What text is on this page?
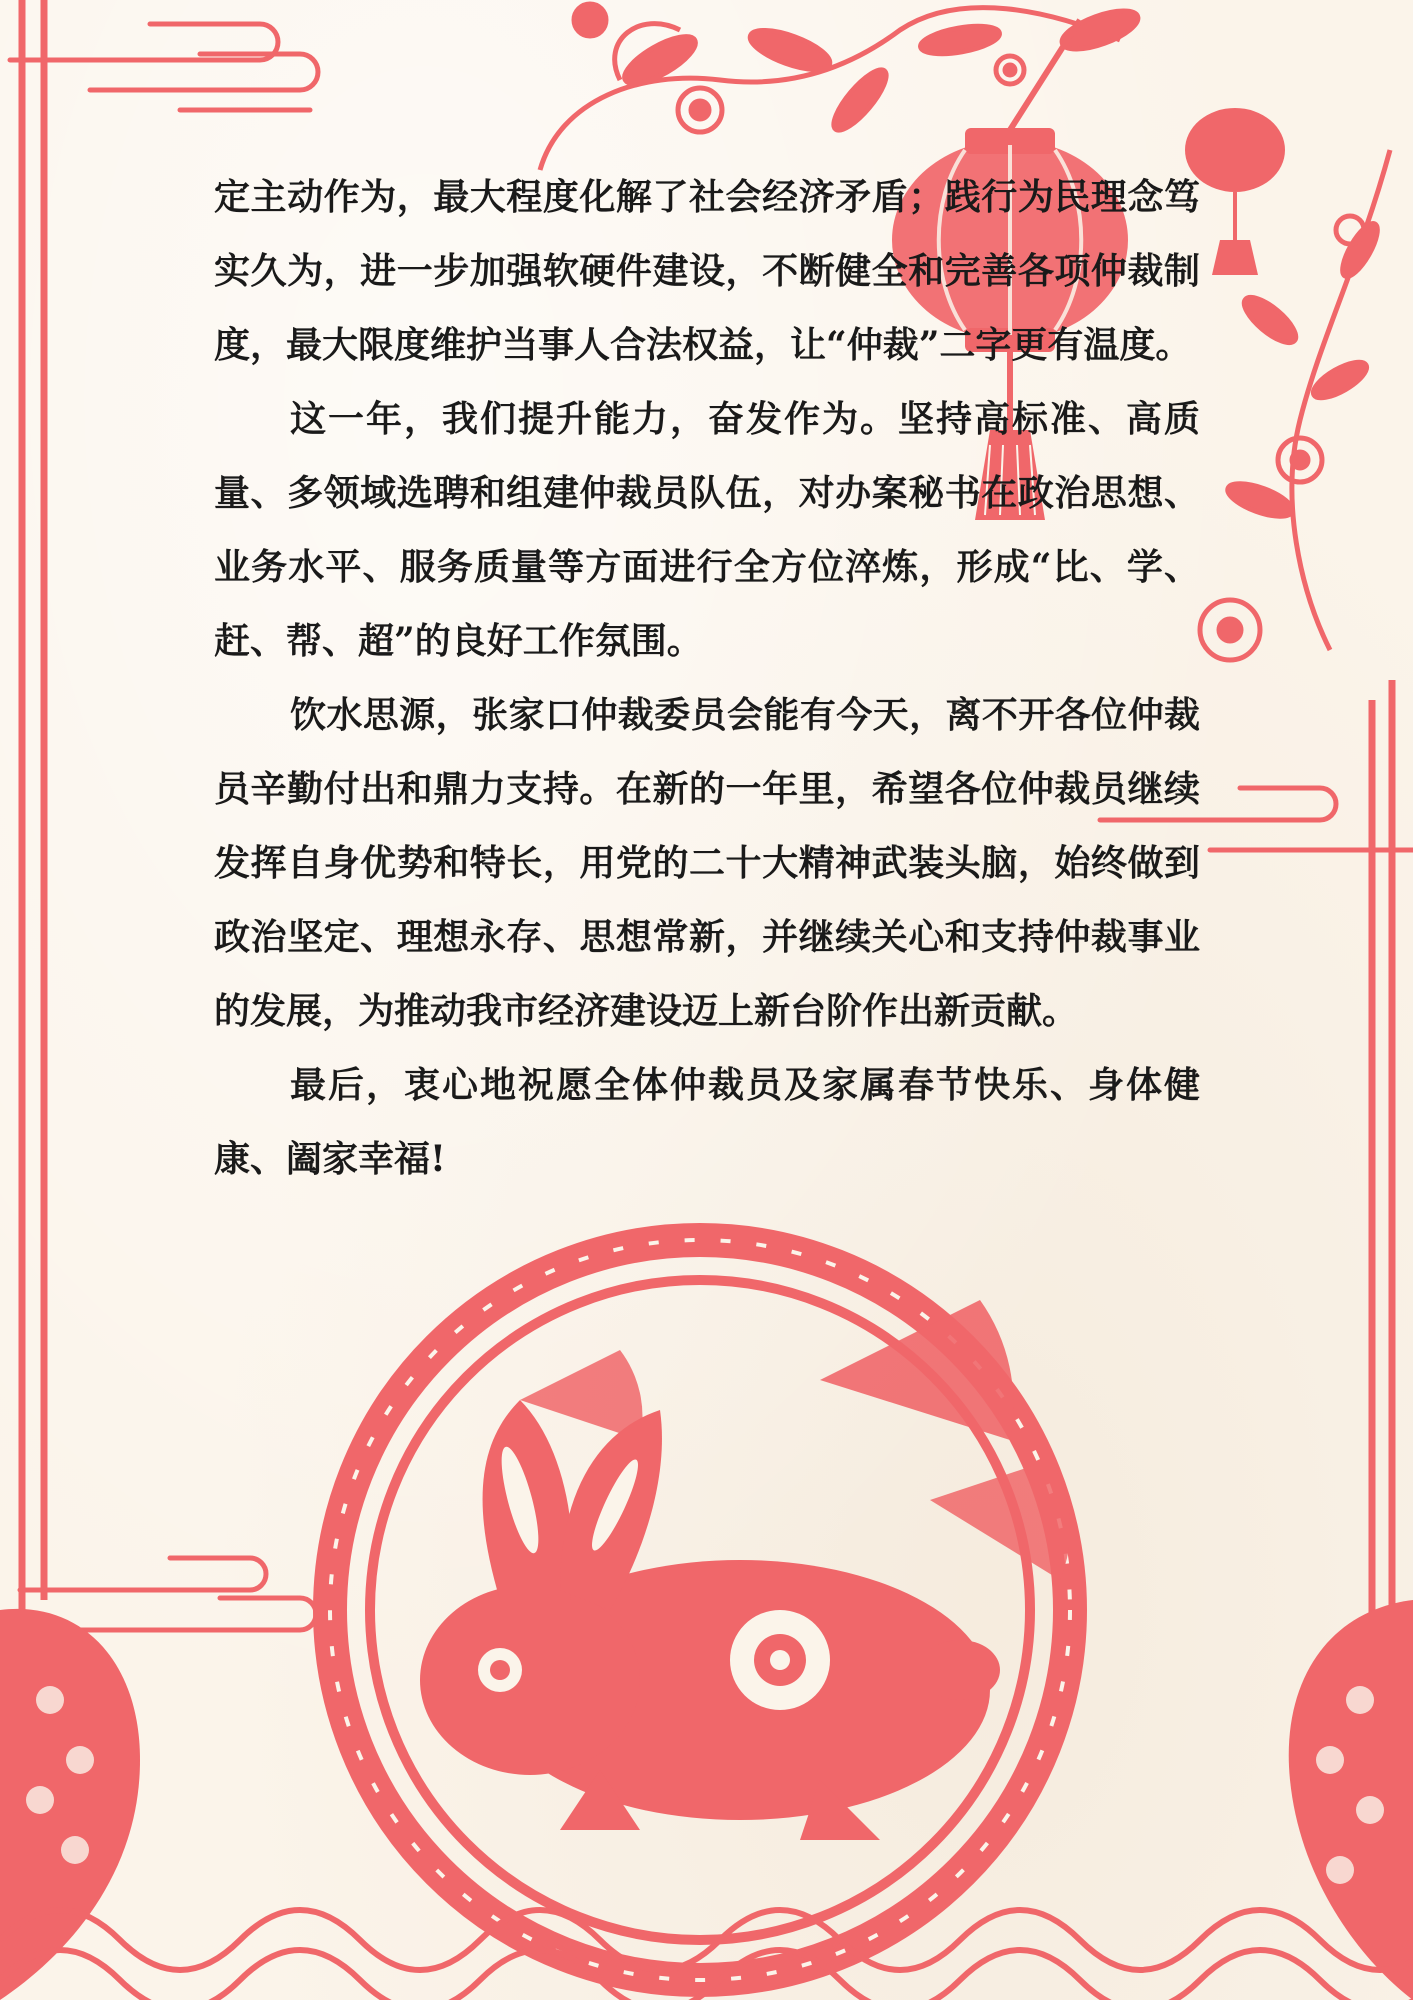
定主动作为，最大程度化解了社会经济矛盾；践行为民理念笃实久为，进一步加强软硬件建设，不断健全和完善各项仲裁制度，最大限度维护当事人合法权益，让“仲裁”二字更有温度。

这一年，我们提升能力，奋发作为。坚持高标准、高质量、多领域选聘和组建仲裁员队伍，对办案秘书在政治思想、业务水平、服务质量等方面进行全方位淬炼，形成“比、学、赶、帮、超”的良好工作氛围。

饮水思源，张家口仲裁委员会能有今天，离不开各位仲裁员辛勤付出和鼎力支持。在新的一年里，希望各位仲裁员继续发挥自身优势和特长，用党的二十大精神武装头脑，始终做到政治坚定、理想永存、思想常新，并继续关心和支持仲裁事业的发展，为推动我市经济建设迈上新台阶作出新贡献。

最后，衷心地祝愿全体仲裁员及家属春节快乐、身体健康、阖家幸福!
